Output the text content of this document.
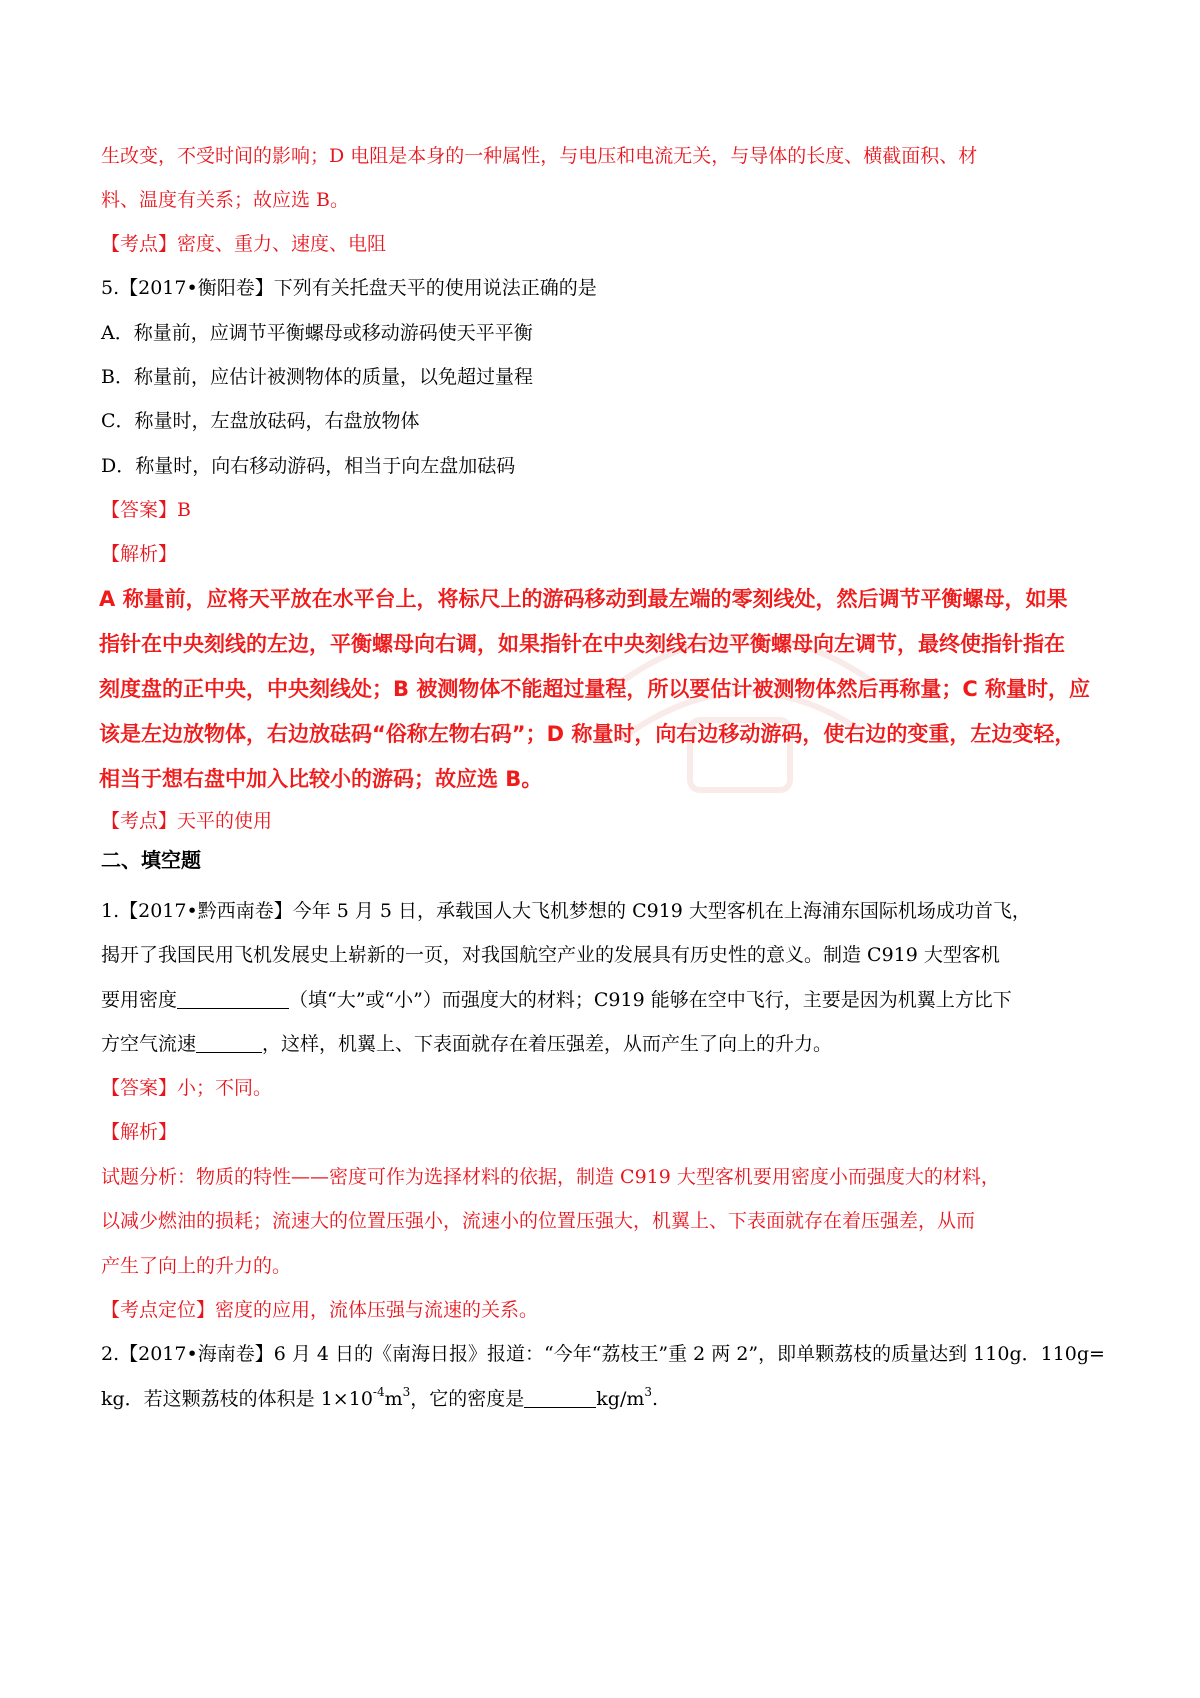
生改变，不受时间的影响；D 电阻是本身的一种属性，与电压和电流无关，与导体的长度、横截面积、材
料、温度有关系；故应选 B。
【考点】密度、重力、速度、电阻
5.【2017•衡阳卷】下列有关托盘天平的使用说法正确的是
A．称量前，应调节平衡螺母或移动游码使天平平衡
B．称量前，应估计被测物体的质量，以免超过量程
C．称量时，左盘放砝码，右盘放物体
D．称量时，向右移动游码，相当于向左盘加砝码
【答案】B
【解析】
A 称量前，应将天平放在水平台上，将标尺上的游码移动到最左端的零刻线处，然后调节平衡螺母，如果
指针在中央刻线的左边，平衡螺母向右调，如果指针在中央刻线右边平衡螺母向左调节，最终使指针指在
刻度盘的正中央，中央刻线处；B 被测物体不能超过量程，所以要估计被测物体然后再称量；C 称量时，应
该是左边放物体，右边放砝码“俗称左物右码”；D 称量时，向右边移动游码，使右边的变重，左边变轻，
相当于想右盘中加入比较小的游码；故应选 B。
【考点】天平的使用
二、填空题
1.【2017•黔西南卷】今年 5 月 5 日，承载国人大飞机梦想的 C919 大型客机在上海浦东国际机场成功首飞，
揭开了我国民用飞机发展史上崭新的一页，对我国航空产业的发展具有历史性的意义。制造 C919 大型客机
要用密度	（填“大”或“小”）而强度大的材料；C919 能够在空中飞行，主要是因为机翼上方比下
方空气流速	，这样，机翼上、下表面就存在着压强差，从而产生了向上的升力。
【答案】小；不同。
【解析】
试题分析：物质的特性——密度可作为选择材料的依据，制造 C919 大型客机要用密度小而强度大的材料，
以减少燃油的损耗；流速大的位置压强小，流速小的位置压强大，机翼上、下表面就存在着压强差，从而
产生了向上的升力的。
【考点定位】密度的应用，流体压强与流速的关系。
2.【2017•海南卷】6 月 4 日的《南海日报》报道：“今年“荔枝王”重 2 两 2”，即单颗荔枝的质量达到 110g．110g=
kg．若这颗荔枝的体积是 $1\times 10^{-4}m^3$，它的密度是	$kg/m^3$.
